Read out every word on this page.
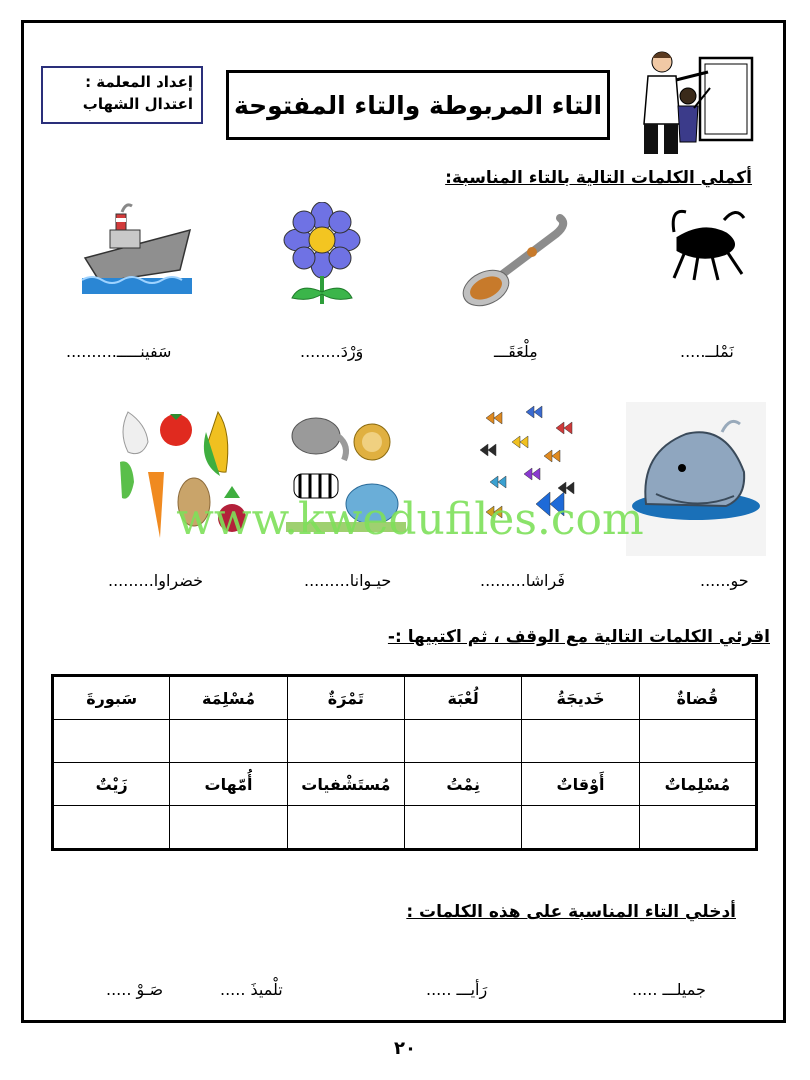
إعداد المعلمة :
اعتدال الشهاب التاء المربوطة والتاء المفتوحة
أكملي الكلمات التالية بالتاء المناسبة:
نَمْلــ.....
مِلْعَقَـــ
وَرْدَ........
سَفينـــــ..........
www.kwedufiles.com
حو......
فَراشا.........
حيـوانا.........
خضراوا.........
اقرئي الكلمات التالية مع الوقف ، ثم اكتبيها :-
قُضاةٌ	خَديجَةُ	لُعْبَة	تَمْرَةٌ	مُسْلِمَة	سَبورةَ

مُسْلِماتٌ	أَوْقاتٌ	نِمْتُ	مُستَشْفيات	أُمّهات	زَيْتٌ

أدخلي التاء المناسبة على هذه الكلمات :
جميلـــ .....
رَأيـــ .....
تلْميذَ .....
صَـوْ .....
٢٠
